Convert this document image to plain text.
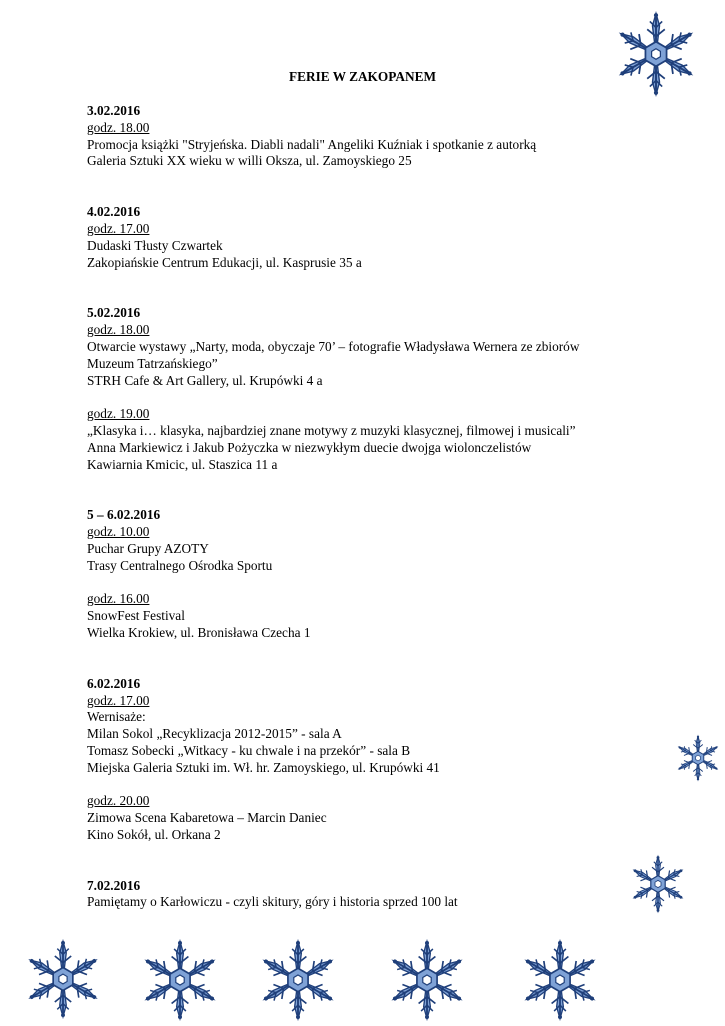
FERIE W ZAKOPANEM
3.02.2016
godz. 18.00
Promocja książki "Stryjeńska. Diabli nadali" Angeliki Kuźniak i spotkanie z autorką
Galeria Sztuki XX wieku w willi Oksza, ul. Zamoyskiego 25
4.02.2016
godz. 17.00
Dudaski Tłusty Czwartek
Zakopiańskie Centrum Edukacji, ul. Kasprusie 35 a
5.02.2016
godz. 18.00
Otwarcie wystawy „Narty, moda, obyczaje 70’ – fotografie Władysława Wernera ze zbiorów
Muzeum Tatrzańskiego”
STRH Cafe & Art Gallery, ul. Krupówki 4 a
godz. 19.00
„Klasyka i… klasyka, najbardziej znane motywy z muzyki klasycznej, filmowej i musicali”
Anna Markiewicz i Jakub Pożyczka w niezwykłym duecie dwojga wiolonczelistów
Kawiarnia Kmicic, ul. Staszica 11 a
5 – 6.02.2016
godz. 10.00
Puchar Grupy AZOTY
Trasy Centralnego Ośrodka Sportu
godz. 16.00
SnowFest Festival
Wielka Krokiew, ul. Bronisława Czecha 1
6.02.2016
godz. 17.00
Wernisaże:
Milan Sokol „Recyklizacja 2012-2015” - sala A
Tomasz Sobecki „Witkacy - ku chwale i na przekór” - sala B
Miejska Galeria Sztuki im. Wł. hr. Zamoyskiego, ul. Krupówki 41
godz. 20.00
Zimowa Scena Kabaretowa – Marcin Daniec
Kino Sokół, ul. Orkana 2
7.02.2016
Pamiętamy o Karłowiczu - czyli skitury, góry i historia sprzed 100 lat
